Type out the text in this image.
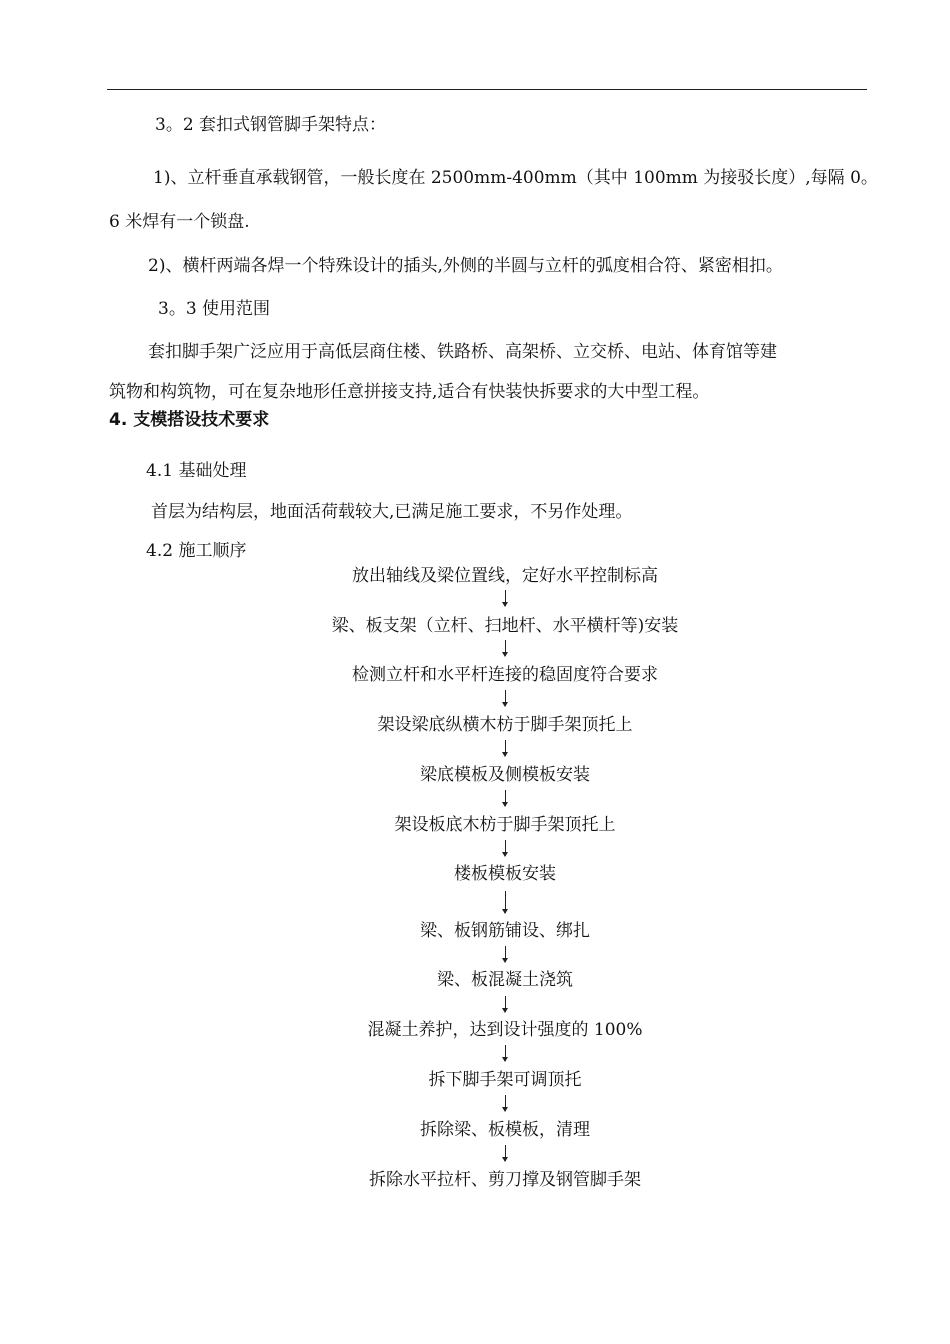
3。2 套扣式钢管脚手架特点：
1)、立杆垂直承载钢管，一般长度在 2500mm-400mm（其中 100mm 为接驳长度）,每隔 0。
6 米焊有一个锁盘.
2)、横杆两端各焊一个特殊设计的插头,外侧的半圆与立杆的弧度相合符、紧密相扣。
3。3 使用范围
套扣脚手架广泛应用于高低层商住楼、铁路桥、高架桥、立交桥、电站、体育馆等建
筑物和构筑物，可在复杂地形任意拼接支持,适合有快装快拆要求的大中型工程。
4. 支模搭设技术要求
4.1 基础处理
首层为结构层，地面活荷载较大,已满足施工要求，不另作处理。
4.2 施工顺序
放出轴线及梁位置线，定好水平控制标高
梁、板支架（立杆、扫地杆、水平横杆等)安装
检测立杆和水平杆连接的稳固度符合要求
架设梁底纵横木枋于脚手架顶托上
梁底模板及侧模板安装
架设板底木枋于脚手架顶托上
楼板模板安装
梁、板钢筋铺设、绑扎
梁、板混凝土浇筑
混凝土养护，达到设计强度的 100%
拆下脚手架可调顶托
拆除梁、板模板，清理
拆除水平拉杆、剪刀撑及钢管脚手架
